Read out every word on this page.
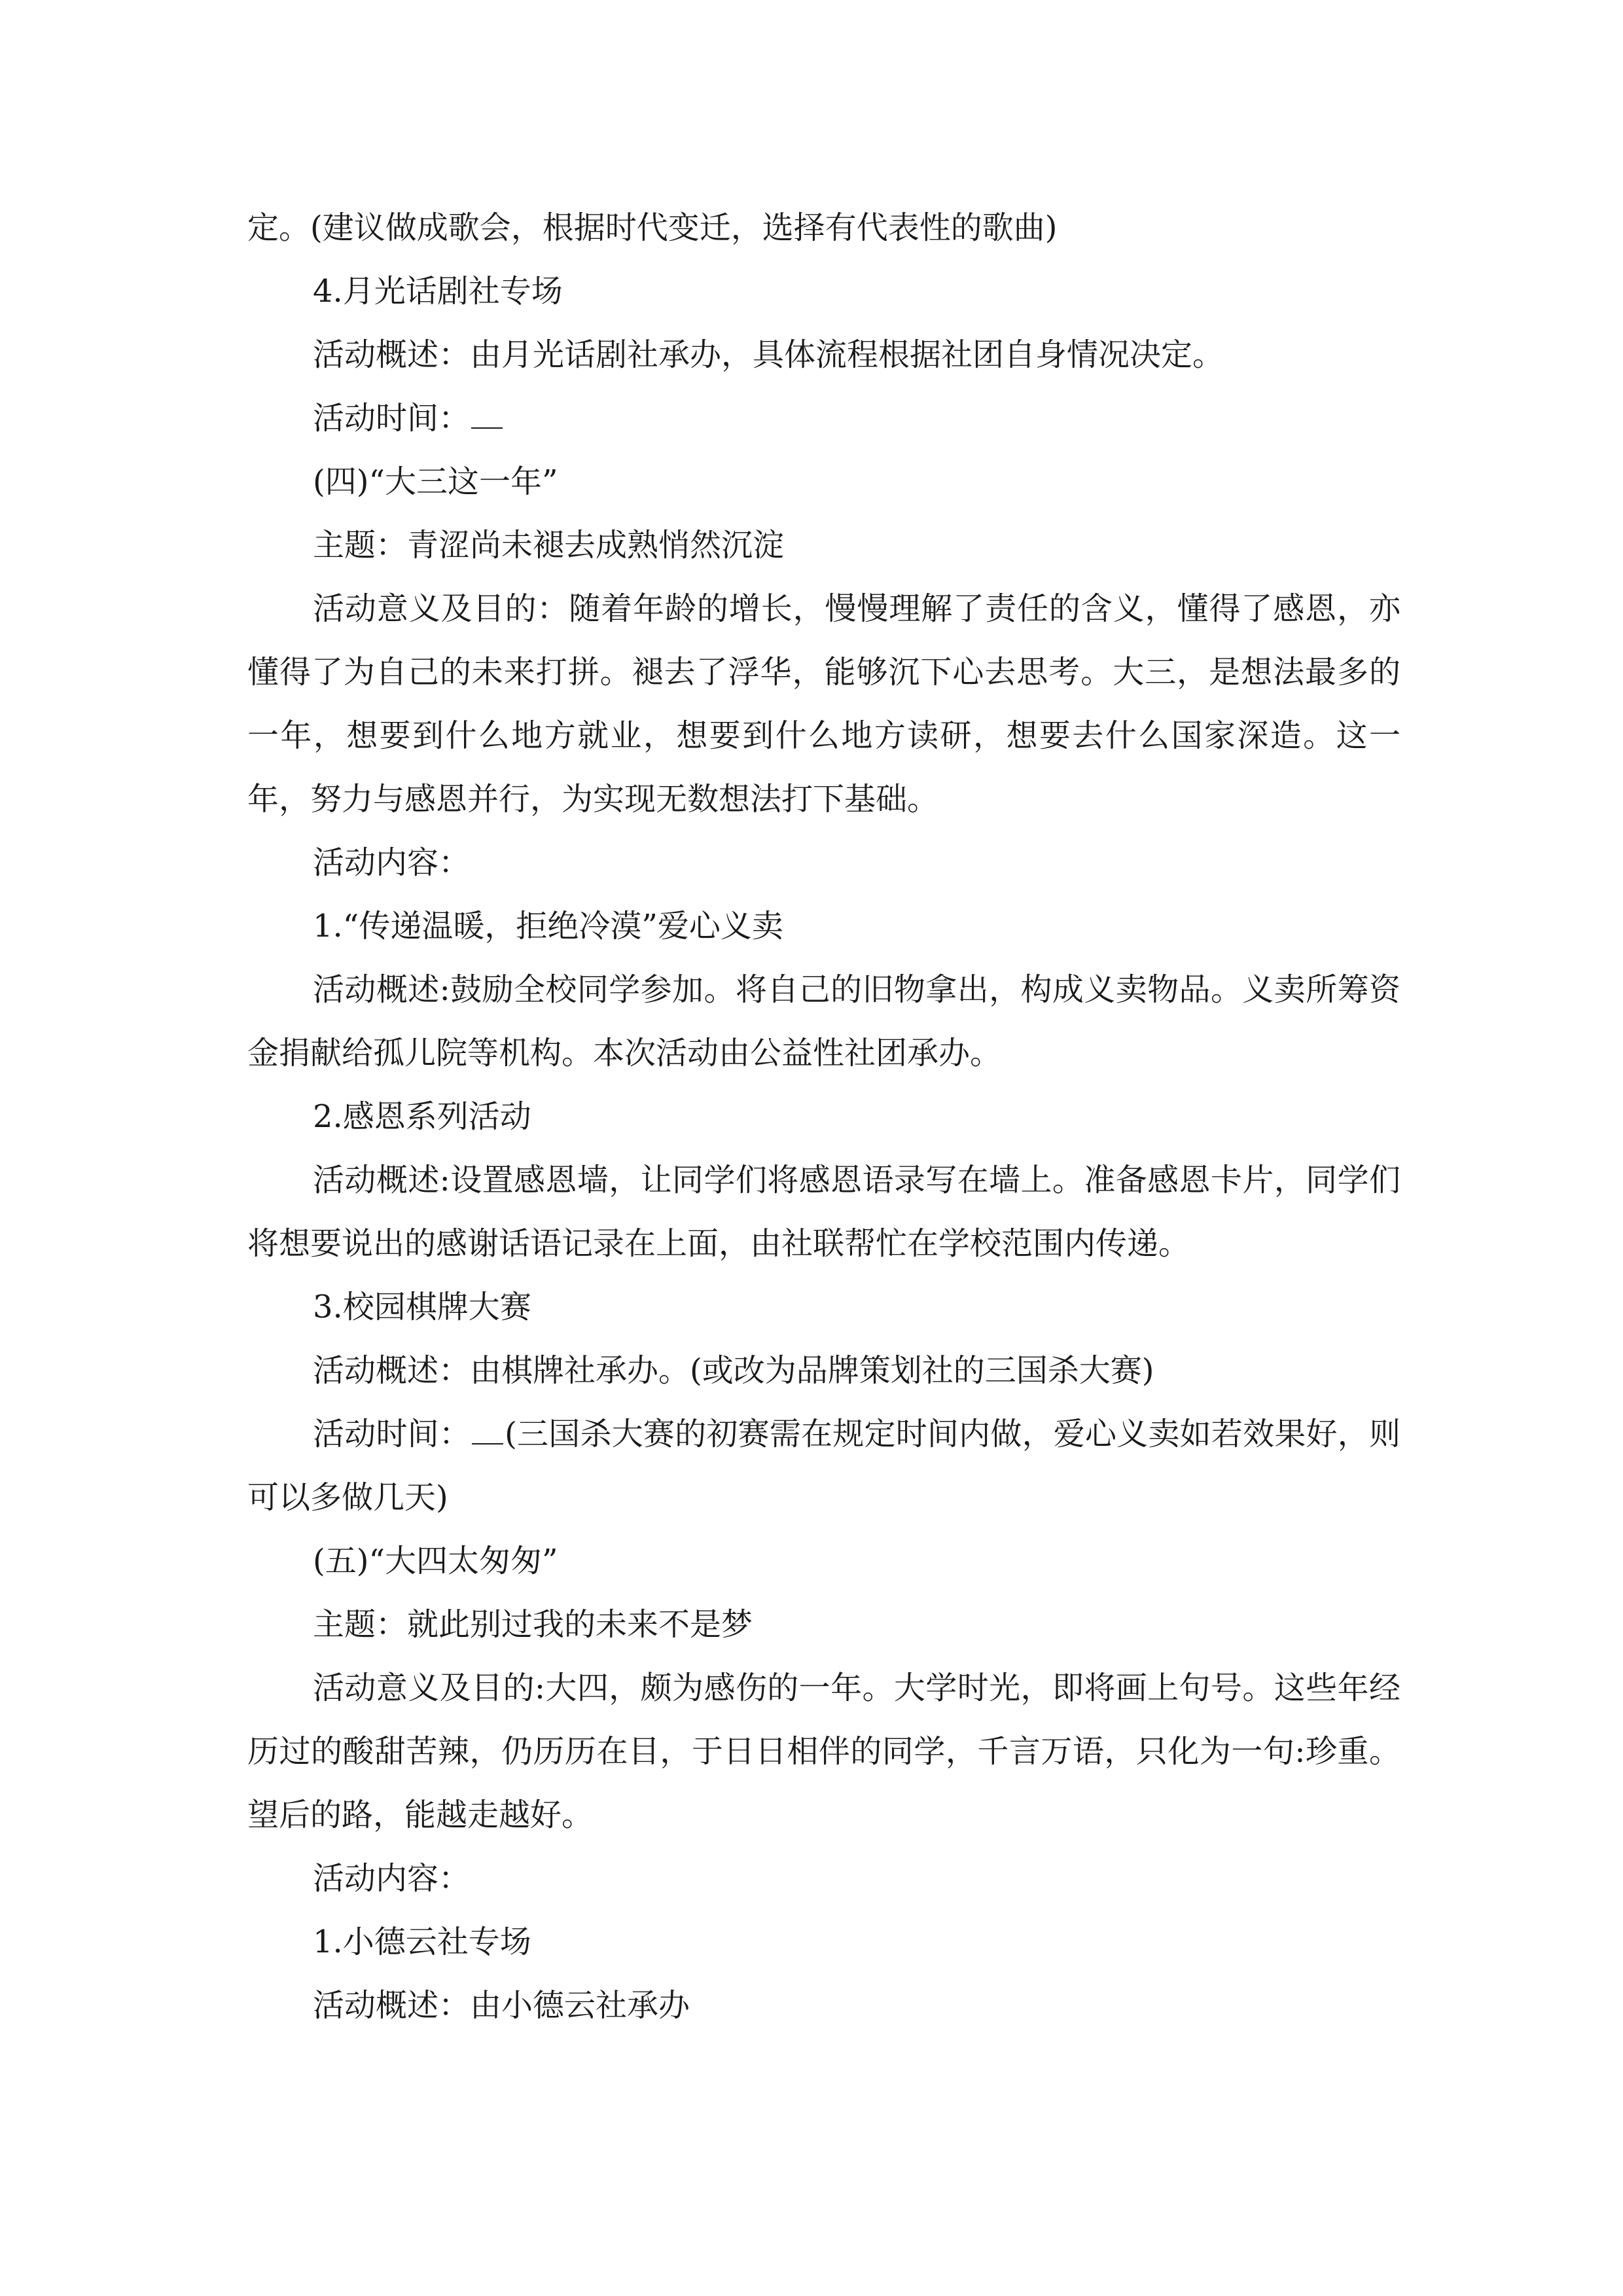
定。(建议做成歌会，根据时代变迁，选择有代表性的歌曲)

4.月光话剧社专场

活动概述：由月光话剧社承办，具体流程根据社团自身情况决定。

活动时间：

(四)“大三这一年”

主题：青涩尚未褪去成熟悄然沉淀

活动意义及目的：随着年龄的增长，慢慢理解了责任的含义，懂得了感恩，亦懂得了为自己的未来打拼。褪去了浮华，能够沉下心去思考。大三，是想法最多的一年，想要到什么地方就业，想要到什么地方读研，想要去什么国家深造。这一年，努力与感恩并行，为实现无数想法打下基础。

活动内容：

1.“传递温暖，拒绝冷漠”爱心义卖

活动概述:鼓励全校同学参加。将自己的旧物拿出，构成义卖物品。义卖所筹资金捐献给孤儿院等机构。本次活动由公益性社团承办。

2.感恩系列活动

活动概述:设置感恩墙，让同学们将感恩语录写在墙上。准备感恩卡片，同学们将想要说出的感谢话语记录在上面，由社联帮忙在学校范围内传递。

3.校园棋牌大赛

活动概述：由棋牌社承办。(或改为品牌策划社的三国杀大赛)

活动时间： (三国杀大赛的初赛需在规定时间内做，爱心义卖如若效果好，则可以多做几天)

(五)“大四太匆匆”

主题：就此别过我的未来不是梦

活动意义及目的:大四，颇为感伤的一年。大学时光，即将画上句号。这些年经历过的酸甜苦辣，仍历历在目，于日日相伴的同学，千言万语，只化为一句:珍重。望后的路，能越走越好。

活动内容：

1.小德云社专场

活动概述：由小德云社承办
